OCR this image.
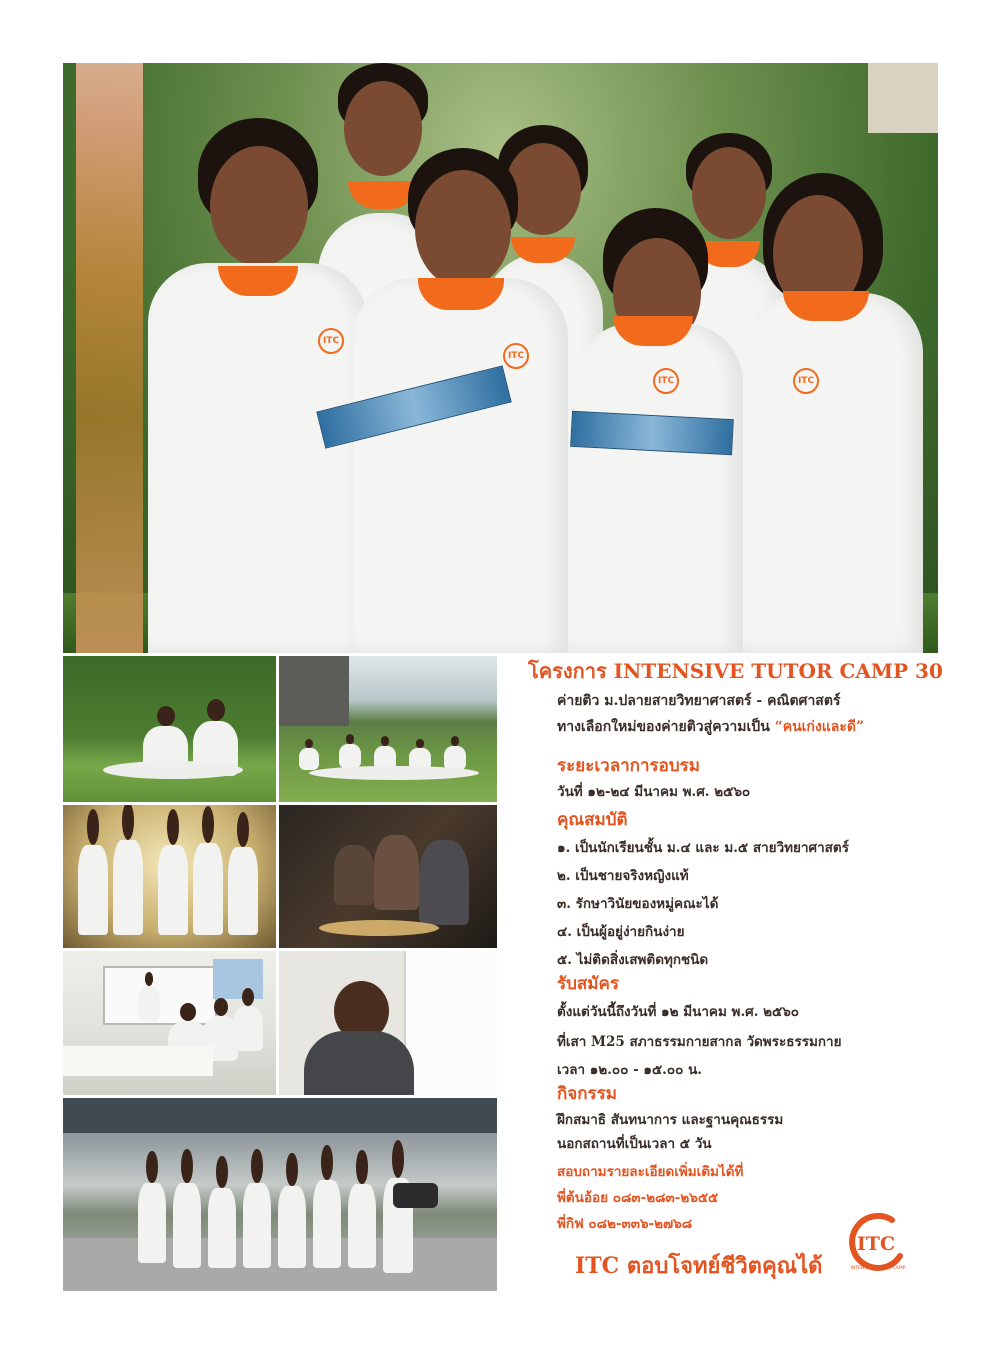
ITC
ITC
ITC	ITC
โครงการ INTENSIVE TUTOR CAMP 30
ค่ายติว ม.ปลายสายวิทยาศาสตร์ - คณิตศาสตร์
ทางเลือกใหม่ของค่ายติวสู่ความเป็น “คนเก่งและดี”
ระยะเวลาการอบรม
วันที่ ๑๒-๒๔ มีนาคม พ.ศ. ๒๕๖๐
คุณสมบัติ
๑. เป็นนักเรียนชั้น ม.๔ และ ม.๕ สายวิทยาศาสตร์
๒. เป็นชายจริงหญิงแท้
๓. รักษาวินัยของหมู่คณะได้
๔. เป็นผู้อยู่ง่ายกินง่าย
๕. ไม่ติดสิ่งเสพติดทุกชนิด
รับสมัคร
ตั้งแต่วันนี้ถึงวันที่ ๑๒ มีนาคม พ.ศ. ๒๕๖๐
ที่เสา M25 สภาธรรมกายสากล วัดพระธรรมกาย
เวลา ๑๒.๐๐ - ๑๕.๐๐ น.
กิจกรรม
ฝึกสมาธิ สันทนาการ และฐานคุณธรรม
นอกสถานที่เป็นเวลา ๕ วัน
สอบถามรายละเอียดเพิ่มเติมได้ที่
พี่ต้นอ้อย ๐๘๓-๒๘๓-๒๖๕๕
พี่กิฟ ๐๘๒-๓๓๖-๒๗๖๘
ITC ตอบโจทย์ชีวิตคุณได้
ITC
INTENSIVE TUTOR CAMP
